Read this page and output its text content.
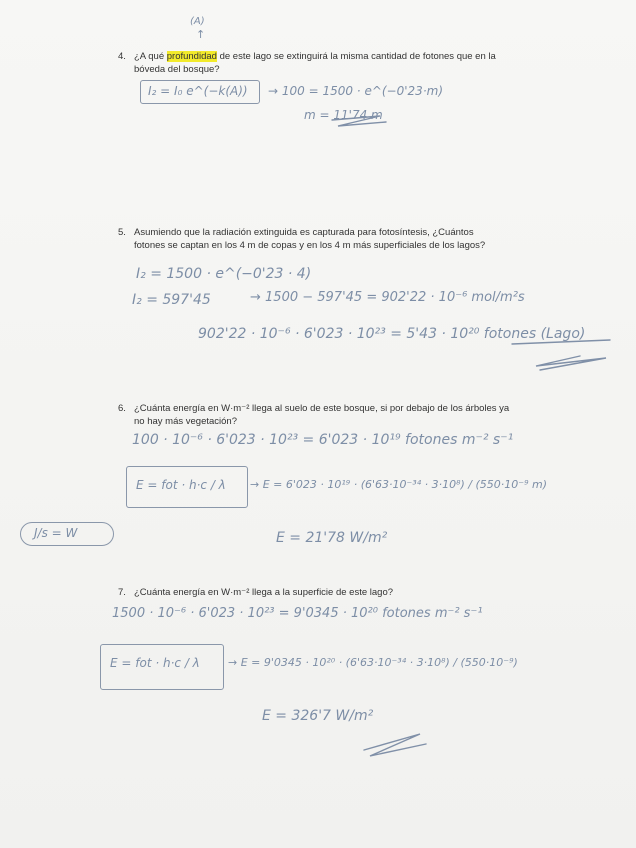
(A)
↑
4. ¿A qué profundidad de este lago se extinguirá la misma cantidad de fotones que en la
bóveda del bosque?
I₂ = I₀ e^(−k(A)) → 100 = 1500 · e^(−0'23·m)
m = 11'74 m
5. Asumiendo que la radiación extinguida es capturada para fotosíntesis, ¿Cuántos
fotones se captan en los 4 m de copas y en los 4 m más superficiales de los lagos?
I₂ = 1500 · e^(−0'23 · 4)
I₂ = 597'45	→ 1500 − 597'45 = 902'22 · 10⁻⁶ mol/m²s
902'22 · 10⁻⁶ · 6'023 · 10²³ = 5'43 · 10²⁰ fotones (Lago)
6. ¿Cuánta energía en W·m⁻² llega al suelo de este bosque, si por debajo de los árboles ya
no hay más vegetación?
100 · 10⁻⁶ · 6'023 · 10²³ = 6'023 · 10¹⁹ fotones m⁻² s⁻¹
E = fot · h·c / λ → E = 6'023 · 10¹⁹ · (6'63·10⁻³⁴ · 3·10⁸) / (550·10⁻⁹ m)
J/s = W	E = 21'78 W/m²
7. ¿Cuánta energía en W·m⁻² llega a la superficie de este lago?
1500 · 10⁻⁶ · 6'023 · 10²³ = 9'0345 · 10²⁰ fotones m⁻² s⁻¹
E = fot · h·c / λ	→ E = 9'0345 · 10²⁰ · (6'63·10⁻³⁴ · 3·10⁸) / (550·10⁻⁹)
E = 326'7 W/m²
